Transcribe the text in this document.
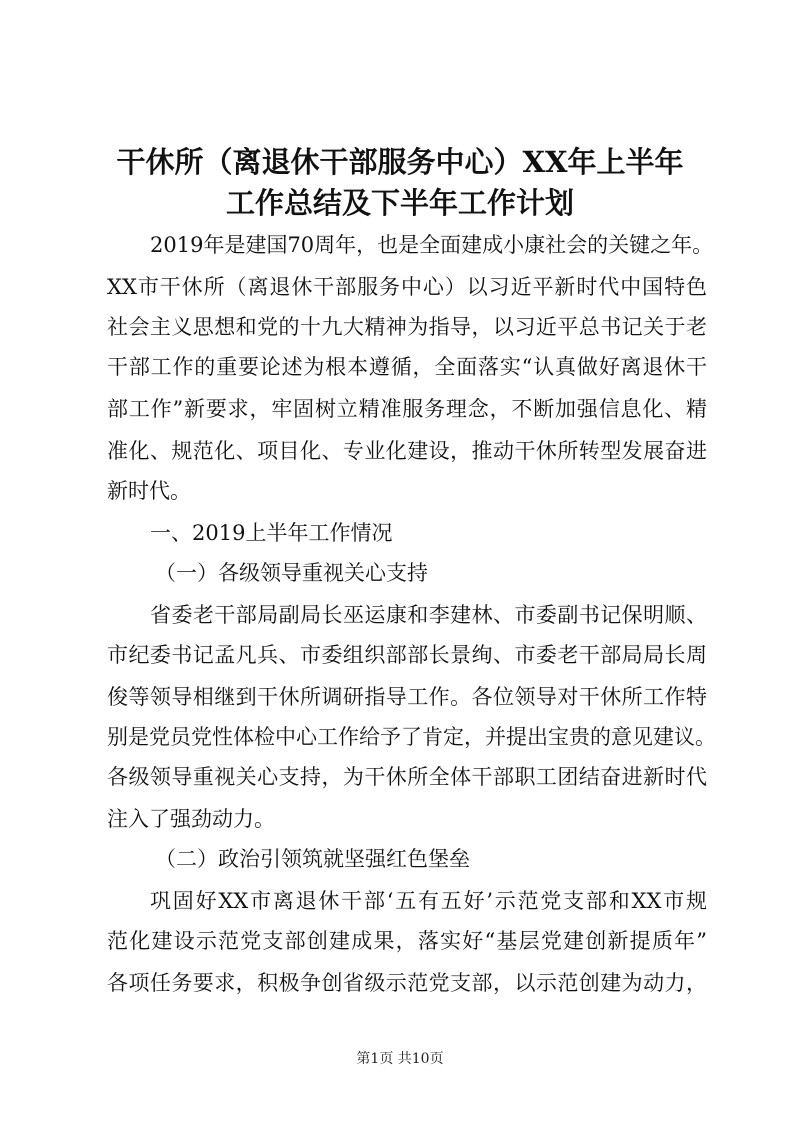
干休所（离退休干部服务中心）XX年上半年
工作总结及下半年工作计划

2019年是建国70周年，也是全面建成小康社会的关键之年。

XX市干休所（离退休干部服务中心）以习近平新时代中国特色

社会主义思想和党的十九大精神为指导，以习近平总书记关于老

干部工作的重要论述为根本遵循，全面落实“认真做好离退休干

部工作”新要求，牢固树立精准服务理念，不断加强信息化、精

准化、规范化、项目化、专业化建设，推动干休所转型发展奋进

新时代。

一、2019上半年工作情况

（一）各级领导重视关心支持

省委老干部局副局长巫运康和李建林、市委副书记保明顺、

市纪委书记孟凡兵、市委组织部部长景绚、市委老干部局局长周

俊等领导相继到干休所调研指导工作。各位领导对干休所工作特

别是党员党性体检中心工作给予了肯定，并提出宝贵的意见建议。

各级领导重视关心支持，为干休所全体干部职工团结奋进新时代

注入了强劲动力。

（二）政治引领筑就坚强红色堡垒

巩固好XX市离退休干部‘五有五好’示范党支部和XX市规

范化建设示范党支部创建成果，落实好“基层党建创新提质年”

各项任务要求，积极争创省级示范党支部，以示范创建为动力，

第1页 共10页
